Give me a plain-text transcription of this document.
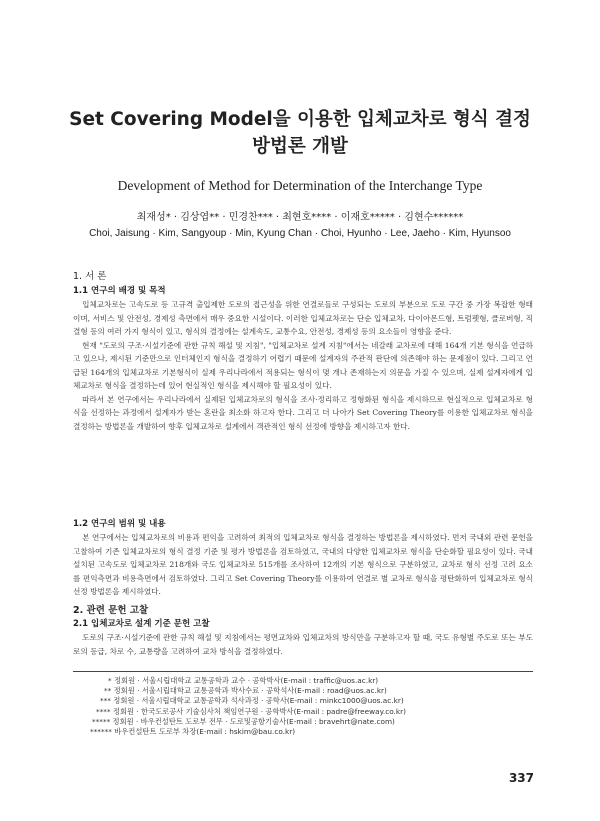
Set Covering Model을 이용한 입체교차로 형식 결정
방법론 개발
Development of Method for Determination of the Interchange Type
최재성* · 김상엽** · 민경찬*** · 최현호**** · 이재호***** · 김현수******
Choi, Jaisung · Kim, Sangyoup · Min, Kyung Chan · Choi, Hyunho · Lee, Jaeho · Kim, Hyunsoo
1. 서 론
1.1 연구의 배경 및 목적

입체교차로는 고속도로 등 고규격 출입제한 도로의 접근성을 위한 연결로들로 구성되는 도로의 부분으로 도로 구간 중 가장 복잡한 형태이며, 서비스 및 안전성, 경제성 측면에서 매우 중요한 시설이다. 이러한 입체교차로는 단순 입체교차, 다이아몬드형, 트럼펫형, 클로버형, 직결형 등의 여러 가지 형식이 있고, 형식의 결정에는 설계속도, 교통수요, 안전성, 경제성 등의 요소들이 영향을 준다.

현재 "도로의 구조·시설기준에 관한 규칙 해설 및 지침", "입체교차로 설계 지침"에서는 네갈래 교차로에 대해 164개 기본 형식을 언급하고 있으나, 제시된 기준만으로 인터체인지 형식을 결정하기 어렵기 때문에 설계자의 주관적 판단에 의존해야 하는 문제점이 있다. 그리고 언급된 164개의 입체교차로 기본형식이 실제 우리나라에서 적용되는 형식이 몇 개나 존재하는지 의문을 가질 수 있으며, 실제 설계자에게 입체교차로 형식을 결정하는데 있어 현실적인 형식을 제시해야 할 필요성이 있다.

따라서 본 연구에서는 우리나라에서 실제된 입체교차로의 형식을 조사·정리하고 정형화된 형식을 제시하므로 현실적으로 입체교차로 형식을 선정하는 과정에서 설계자가 받는 혼란을 최소화 하고자 한다. 그리고 더 나아가 Set Covering Theory를 이용한 입체교차로 형식을 결정하는 방법론을 개발하여 향후 입체교차로 설계에서 객관적인 형식 선정에 방향을 제시하고자 한다.

1.2 연구의 범위 및 내용

본 연구에서는 입체교차로의 비용과 편익을 고려하여 최적의 입체교차로 형식을 결정하는 방법론을 제시하였다. 먼저 국내외 관련 문헌을 고찰하여 기존 입체교차로의 형식 결정 기준 및 평가 방법론을 검토하였고, 국내의 다양한 입체교차로 형식을 단순화할 필요성이 있다. 국내 설치된 고속도로 입체교차로 218개와 국도 입체교차로 515개를 조사하여 12개의 기본 형식으로 구분하였고, 교차로 형식 선정 고려 요소를 편익측면과 비용측면에서 검토하였다. 그리고 Set Covering Theory를 이용하여 연결로 별 교차로 형식을 평탄화하여 입체교차로 형식 선정 방법론을 제시하였다.

2. 관련 문헌 고찰
2.1 입체교차로 설계 기준 문헌 고찰

도로의 구조·시설기준에 관한 규칙 해설 및 지침에서는 평면교차와 입체교차의 방식만을 구분하고자 할 때, 국도 유형별 주도로 또는 부도로의 등급, 차로 수, 교통량을 고려하여 교차 방식을 결정하였다.

* 정회원 · 서울시립대학교 교통공학과 교수 · 공학박사(E-mail : traffic@uos.ac.kr)
** 정회원 · 서울시립대학교 교통공학과 박사수료 · 공학석사(E-mail : road@uos.ac.kr)
*** 정회원 · 서울시립대학교 교통공학과 석사과정 · 공학사(E-mail : minkc1000@uos.ac.kr)
**** 정회원 · 한국도로공사 기술심사처 책임연구원 · 공학박사(E-mail : padre@freeway.co.kr)
***** 정회원 · 바우컨설탄트 도로부 전무 · 도로및공항기술사(E-mail : bravehrt@nate.com)
****** 바우컨설탄트 도로부 차장(E-mail : hskim@bau.co.kr)
337
